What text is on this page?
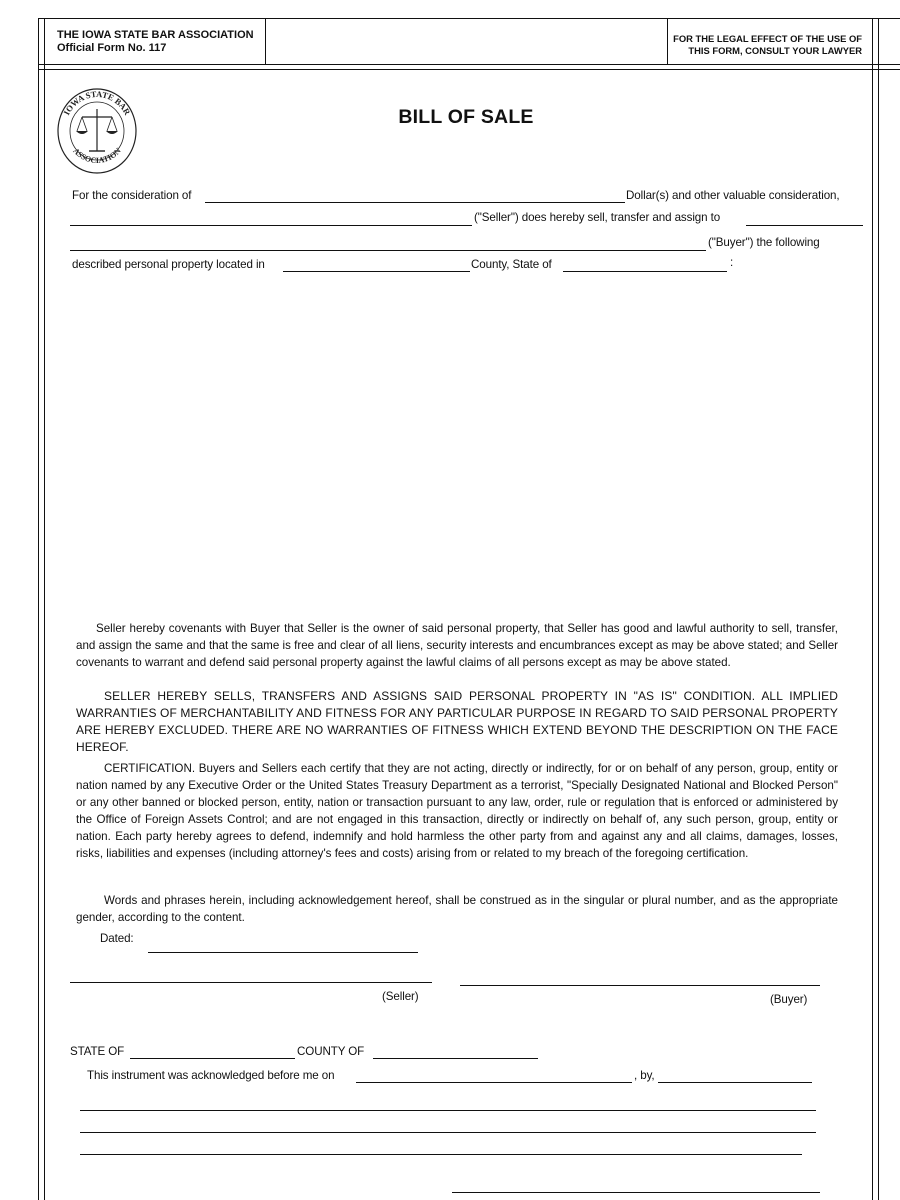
THE IOWA STATE BAR ASSOCIATION
Official Form No. 117
FOR THE LEGAL EFFECT OF THE USE OF
THIS FORM, CONSULT YOUR LAWYER
IOWA STATE BAR
ASSOCIATION
BILL OF SALE
For the consideration of	Dollar(s) and other valuable consideration,
("Seller") does hereby sell, transfer and assign to
("Buyer") the following
described personal property located in	County, State of	:

Seller hereby covenants with Buyer that Seller is the owner of said personal property, that Seller has good and lawful authority to sell, transfer, and assign the same and that the same is free and clear of all liens, security interests and encumbrances except as may be above stated; and Seller covenants to warrant and defend said personal property against the lawful claims of all persons except as may be above stated.

SELLER HEREBY SELLS, TRANSFERS AND ASSIGNS SAID PERSONAL PROPERTY IN "AS IS" CONDITION. ALL IMPLIED WARRANTIES OF MERCHANTABILITY AND FITNESS FOR ANY PARTICULAR PURPOSE IN REGARD TO SAID PERSONAL PROPERTY ARE HEREBY EXCLUDED. THERE ARE NO WARRANTIES OF FITNESS WHICH EXTEND BEYOND THE DESCRIPTION ON THE FACE HEREOF.

CERTIFICATION. Buyers and Sellers each certify that they are not acting, directly or indirectly, for or on behalf of any person, group, entity or nation named by any Executive Order or the United States Treasury Department as a terrorist, "Specially Designated National and Blocked Person" or any other banned or blocked person, entity, nation or transaction pursuant to any law, order, rule or regulation that is enforced or administered by the Office of Foreign Assets Control; and are not engaged in this transaction, directly or indirectly on behalf of, any such person, group, entity or nation. Each party hereby agrees to defend, indemnify and hold harmless the other party from and against any and all claims, damages, losses, risks, liabilities and expenses (including attorney's fees and costs) arising from or related to my breach of the foregoing certification.

Words and phrases herein, including acknowledgement hereof, shall be construed as in the singular or plural number, and as the appropriate gender, according to the content.

Dated:
(Seller)	(Buyer)
STATE OF	COUNTY OF
This instrument was acknowledged before me on	, by,
